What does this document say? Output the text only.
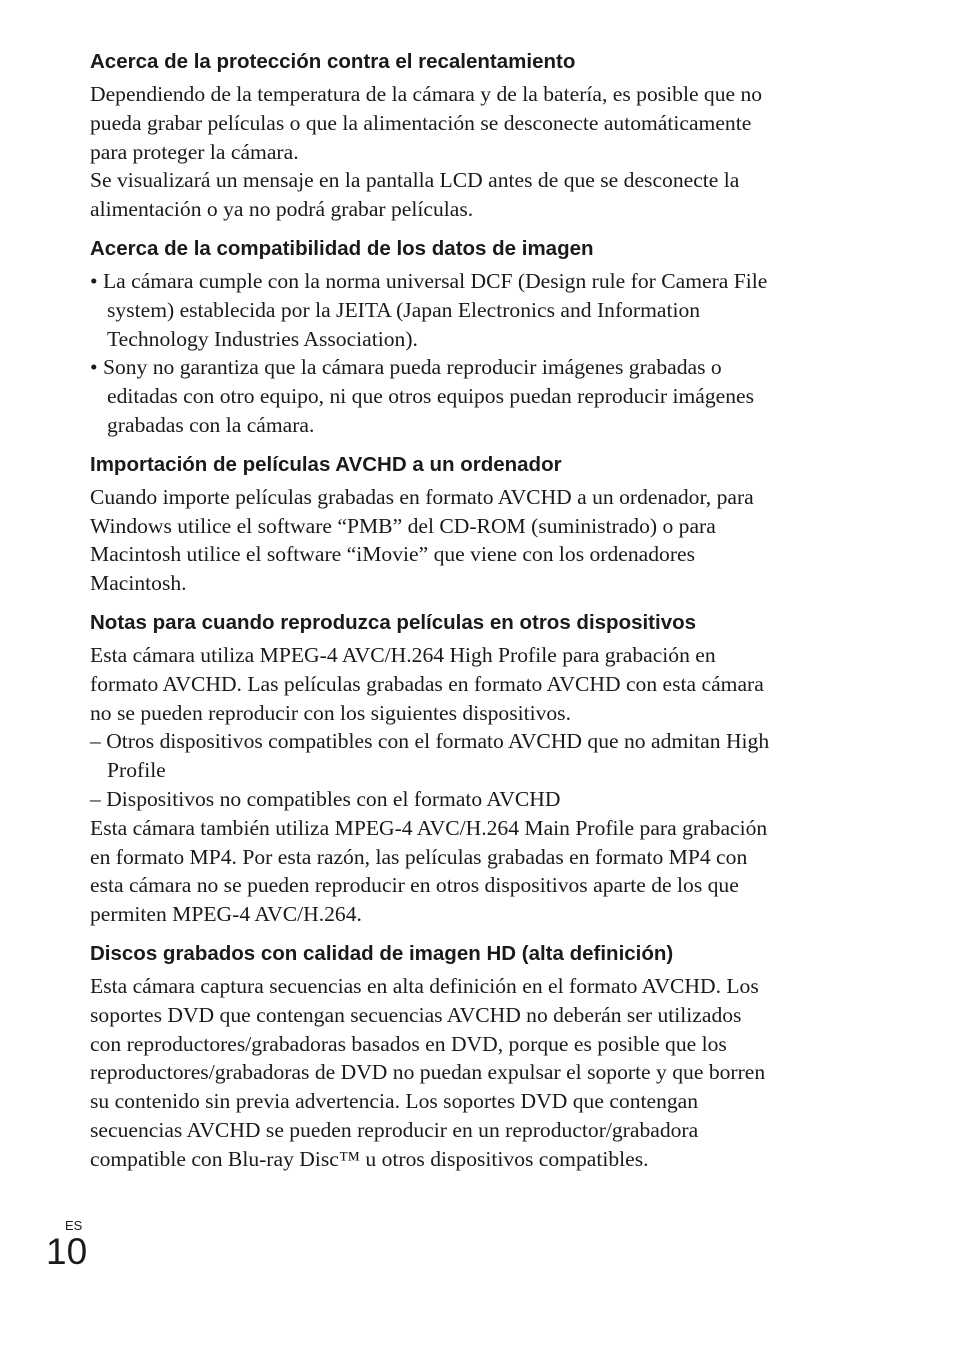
Acerca de la protección contra el recalentamiento
Dependiendo de la temperatura de la cámara y de la batería, es posible que no
pueda grabar películas o que la alimentación se desconecte automáticamente
para proteger la cámara.
Se visualizará un mensaje en la pantalla LCD antes de que se desconecte la
alimentación o ya no podrá grabar películas.
Acerca de la compatibilidad de los datos de imagen
• La cámara cumple con la norma universal DCF (Design rule for Camera File
system) establecida por la JEITA (Japan Electronics and Information
Technology Industries Association).
• Sony no garantiza que la cámara pueda reproducir imágenes grabadas o
editadas con otro equipo, ni que otros equipos puedan reproducir imágenes
grabadas con la cámara.
Importación de películas AVCHD a un ordenador
Cuando importe películas grabadas en formato AVCHD a un ordenador, para
Windows utilice el software “PMB” del CD-ROM (suministrado) o para
Macintosh utilice el software “iMovie” que viene con los ordenadores
Macintosh.
Notas para cuando reproduzca películas en otros dispositivos
Esta cámara utiliza MPEG-4 AVC/H.264 High Profile para grabación en
formato AVCHD. Las películas grabadas en formato AVCHD con esta cámara
no se pueden reproducir con los siguientes dispositivos.
– Otros dispositivos compatibles con el formato AVCHD que no admitan High
Profile
– Dispositivos no compatibles con el formato AVCHD
Esta cámara también utiliza MPEG-4 AVC/H.264 Main Profile para grabación
en formato MP4. Por esta razón, las películas grabadas en formato MP4 con
esta cámara no se pueden reproducir en otros dispositivos aparte de los que
permiten MPEG-4 AVC/H.264.
Discos grabados con calidad de imagen HD (alta definición)
Esta cámara captura secuencias en alta definición en el formato AVCHD. Los
soportes DVD que contengan secuencias AVCHD no deberán ser utilizados
con reproductores/grabadoras basados en DVD, porque es posible que los
reproductores/grabadoras de DVD no puedan expulsar el soporte y que borren
su contenido sin previa advertencia. Los soportes DVD que contengan
secuencias AVCHD se pueden reproducir en un reproductor/grabadora
compatible con Blu-ray Disc™ u otros dispositivos compatibles.
ES
10
